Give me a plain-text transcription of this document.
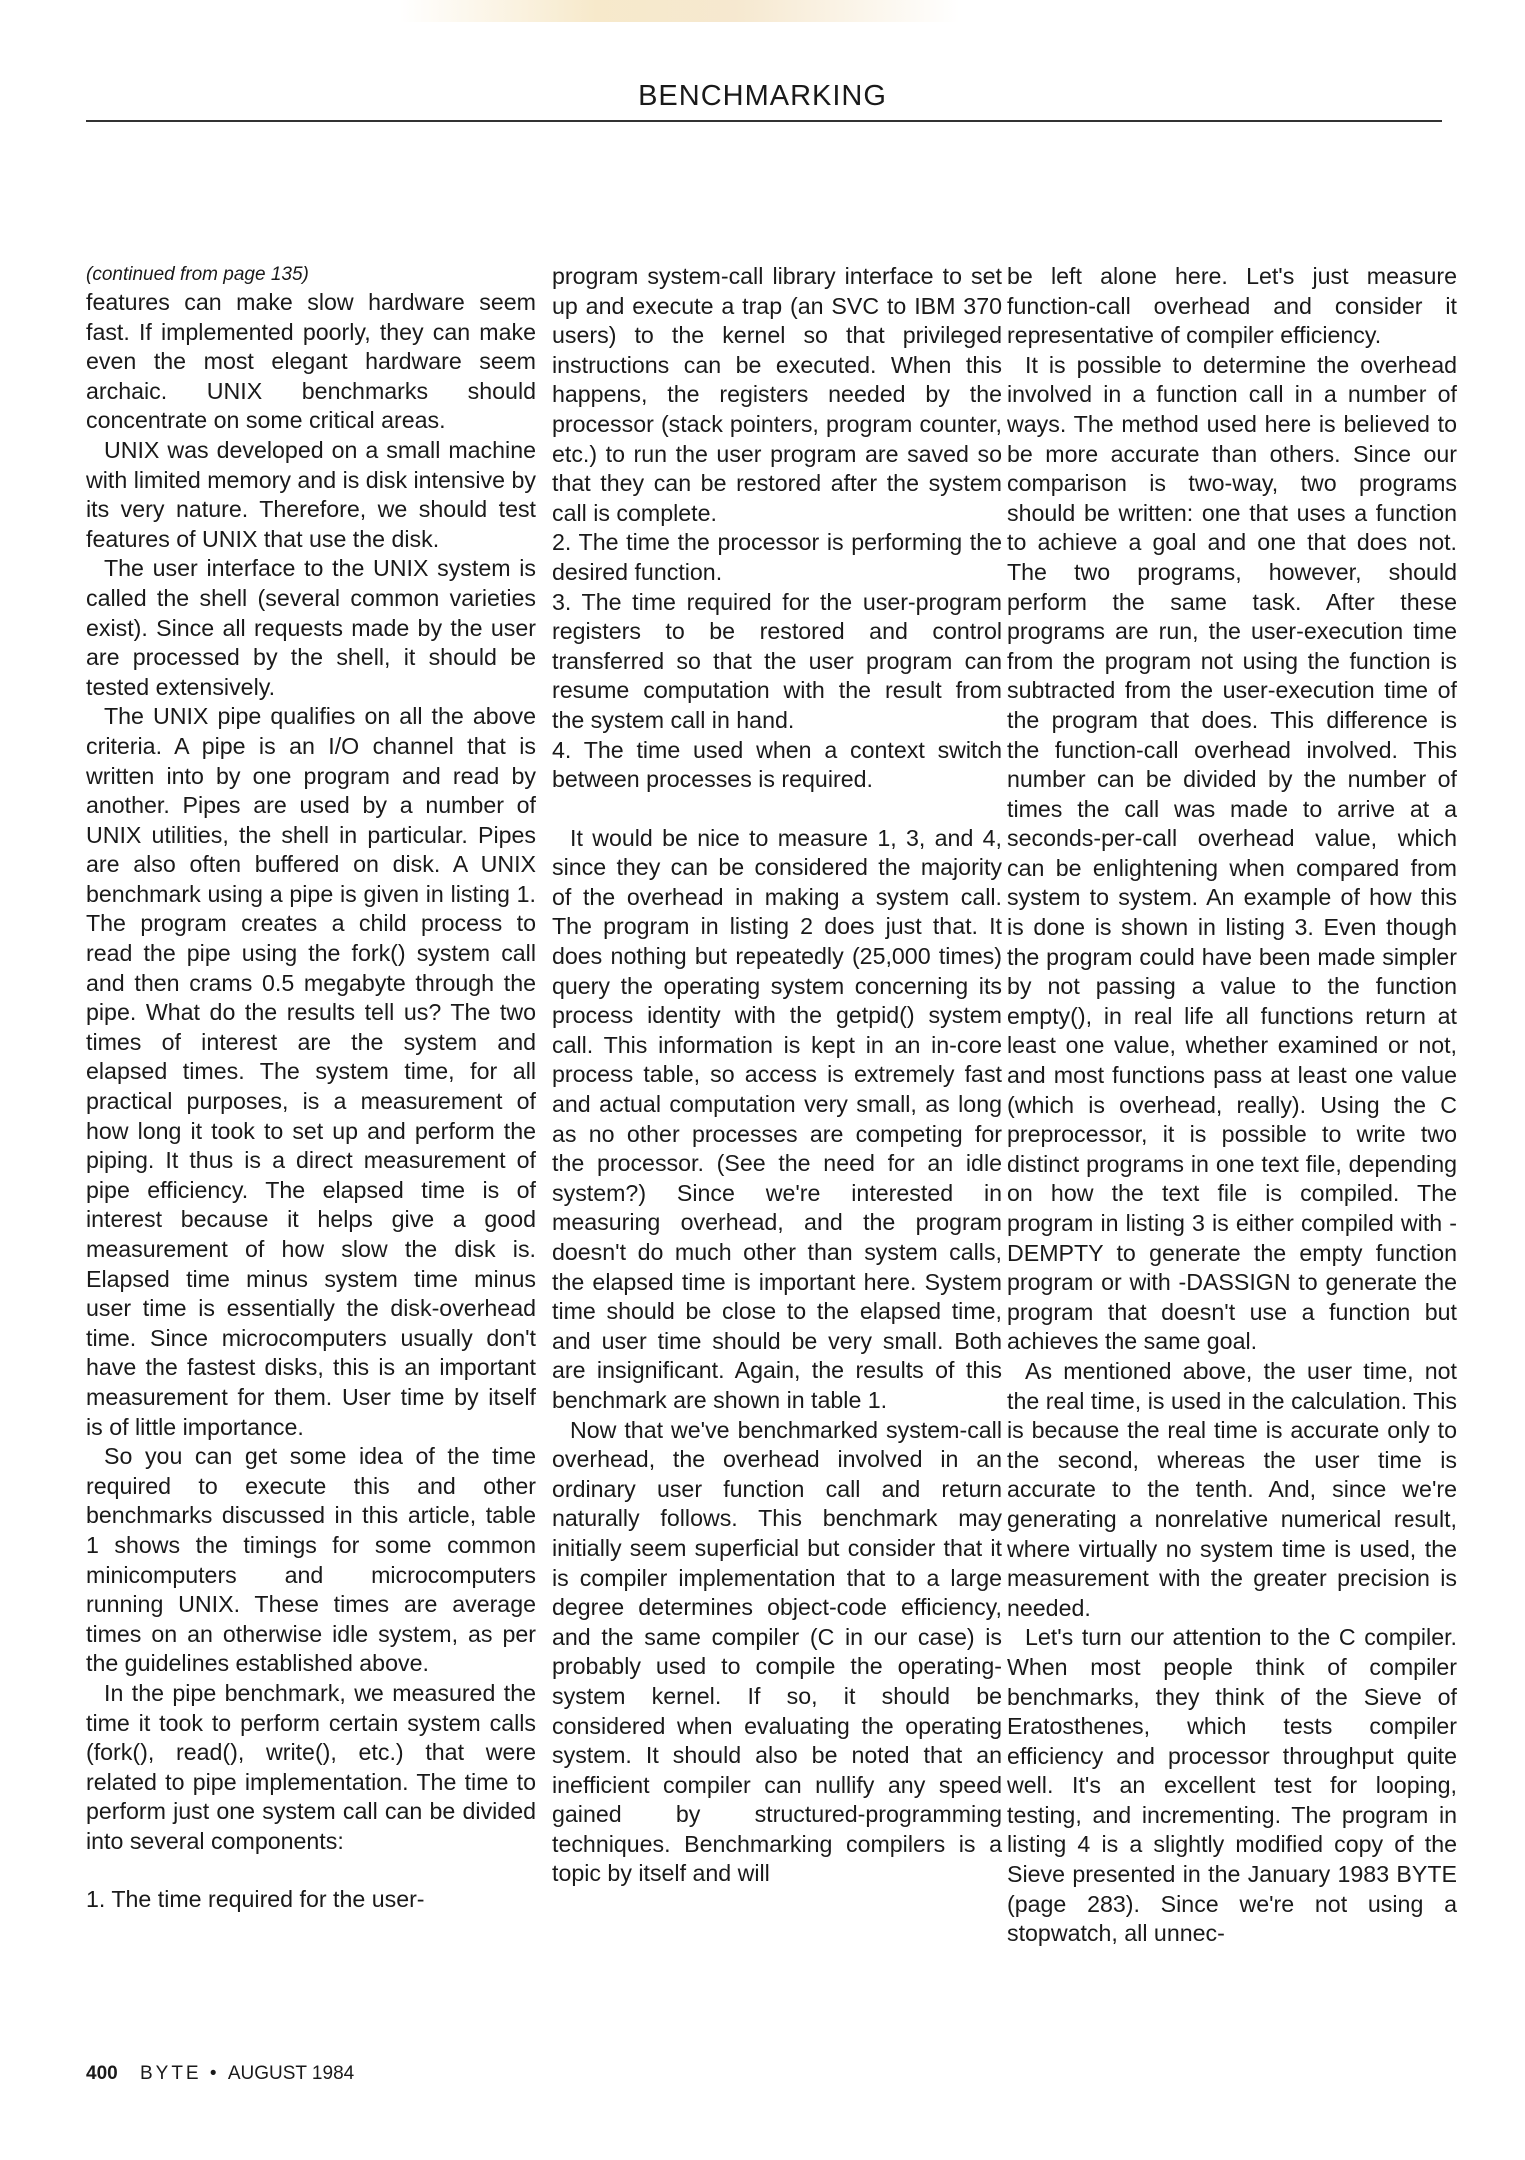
BENCHMARKING

(continued from page 135)

features can make slow hardware seem fast. If implemented poorly, they can make even the most elegant hardware seem archaic. UNIX benchmarks should concentrate on some critical areas.

UNIX was developed on a small machine with limited memory and is disk intensive by its very nature. Therefore, we should test features of UNIX that use the disk.

The user interface to the UNIX system is called the shell (several common varieties exist). Since all requests made by the user are processed by the shell, it should be tested extensively.

The UNIX pipe qualifies on all the above criteria. A pipe is an I/O channel that is written into by one program and read by another. Pipes are used by a number of UNIX utilities, the shell in particular. Pipes are also often buffered on disk. A UNIX benchmark using a pipe is given in listing 1. The program creates a child process to read the pipe using the fork() system call and then crams 0.5 megabyte through the pipe. What do the results tell us? The two times of interest are the system and elapsed times. The system time, for all practical purposes, is a measurement of how long it took to set up and perform the piping. It thus is a direct measurement of pipe efficiency. The elapsed time is of interest because it helps give a good measurement of how slow the disk is. Elapsed time minus system time minus user time is essentially the disk-overhead time. Since microcomputers usually don't have the fastest disks, this is an important measurement for them. User time by itself is of little importance.

So you can get some idea of the time required to execute this and other benchmarks discussed in this article, table 1 shows the timings for some common minicomputers and microcomputers running UNIX. These times are average times on an otherwise idle system, as per the guidelines established above.

In the pipe benchmark, we measured the time it took to perform certain system calls (fork(), read(), write(), etc.) that were related to pipe implementation. The time to perform just one system call can be divided into several components:

1. The time required for the user-

program system-call library interface to set up and execute a trap (an SVC to IBM 370 users) to the kernel so that privileged instructions can be executed. When this happens, the registers needed by the processor (stack pointers, program counter, etc.) to run the user program are saved so that they can be restored after the system call is complete.

2. The time the processor is performing the desired function.

3. The time required for the user-program registers to be restored and control transferred so that the user program can resume computation with the result from the system call in hand.

4. The time used when a context switch between processes is required.

It would be nice to measure 1, 3, and 4, since they can be considered the majority of the overhead in making a system call. The program in listing 2 does just that. It does nothing but repeatedly (25,000 times) query the operating system concerning its process identity with the getpid() system call. This information is kept in an in-core process table, so access is extremely fast and actual computation very small, as long as no other processes are competing for the processor. (See the need for an idle system?) Since we're interested in measuring overhead, and the program doesn't do much other than system calls, the elapsed time is important here. System time should be close to the elapsed time, and user time should be very small. Both are insignificant. Again, the results of this benchmark are shown in table 1.

Now that we've benchmarked system-call overhead, the overhead involved in an ordinary user function call and return naturally follows. This benchmark may initially seem superficial but consider that it is compiler implementation that to a large degree determines object-code efficiency, and the same compiler (C in our case) is probably used to compile the operating-system kernel. If so, it should be considered when evaluating the operating system. It should also be noted that an inefficient compiler can nullify any speed gained by structured-programming techniques. Benchmarking compilers is a topic by itself and will

be left alone here. Let's just measure function-call overhead and consider it representative of compiler efficiency.

It is possible to determine the overhead involved in a function call in a number of ways. The method used here is believed to be more accurate than others. Since our comparison is two-way, two programs should be written: one that uses a function to achieve a goal and one that does not. The two programs, however, should perform the same task. After these programs are run, the user-execution time from the program not using the function is subtracted from the user-execution time of the program that does. This difference is the function-call overhead involved. This number can be divided by the number of times the call was made to arrive at a seconds-per-call overhead value, which can be enlightening when compared from system to system. An example of how this is done is shown in listing 3. Even though the program could have been made simpler by not passing a value to the function empty(), in real life all functions return at least one value, whether examined or not, and most functions pass at least one value (which is overhead, really). Using the C preprocessor, it is possible to write two distinct programs in one text file, depending on how the text file is compiled. The program in listing 3 is either compiled with -DEMPTY to generate the empty function program or with -DASSIGN to generate the program that doesn't use a function but achieves the same goal.

As mentioned above, the user time, not the real time, is used in the calculation. This is because the real time is accurate only to the second, whereas the user time is accurate to the tenth. And, since we're generating a nonrelative numerical result, where virtually no system time is used, the measurement with the greater precision is needed.

Let's turn our attention to the C compiler. When most people think of compiler benchmarks, they think of the Sieve of Eratosthenes, which tests compiler efficiency and processor throughput quite well. It's an excellent test for looping, testing, and incrementing. The program in listing 4 is a slightly modified copy of the Sieve presented in the January 1983 BYTE (page 283). Since we're not using a stopwatch, all unnec-

400 BYTE • AUGUST 1984
